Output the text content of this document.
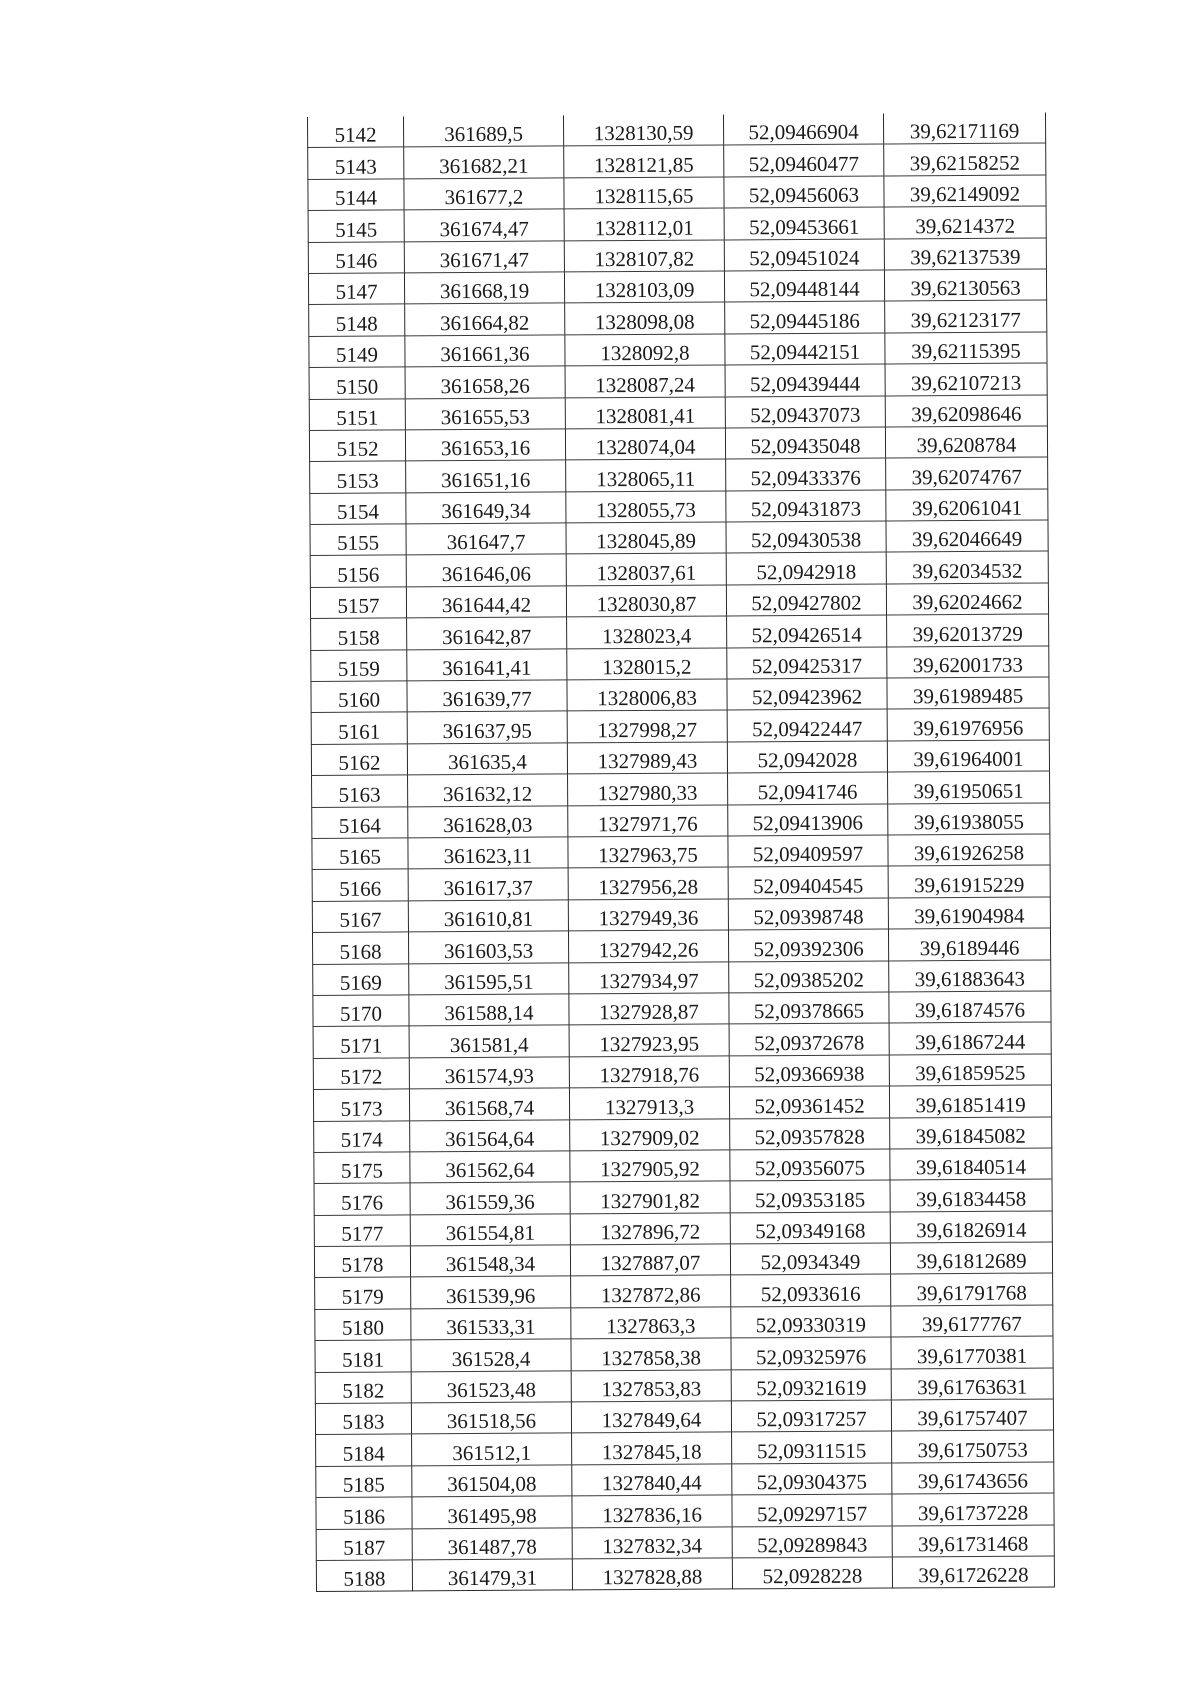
5142	361689,5	1328130,59	52,09466904	39,62171169
5143	361682,21	1328121,85	52,09460477	39,62158252
5144	361677,2	1328115,65	52,09456063	39,62149092
5145	361674,47	1328112,01	52,09453661	39,6214372
5146	361671,47	1328107,82	52,09451024	39,62137539
5147	361668,19	1328103,09	52,09448144	39,62130563
5148	361664,82	1328098,08	52,09445186	39,62123177
5149	361661,36	1328092,8	52,09442151	39,62115395
5150	361658,26	1328087,24	52,09439444	39,62107213
5151	361655,53	1328081,41	52,09437073	39,62098646
5152	361653,16	1328074,04	52,09435048	39,6208784
5153	361651,16	1328065,11	52,09433376	39,62074767
5154	361649,34	1328055,73	52,09431873	39,62061041
5155	361647,7	1328045,89	52,09430538	39,62046649
5156	361646,06	1328037,61	52,0942918	39,62034532
5157	361644,42	1328030,87	52,09427802	39,62024662
5158	361642,87	1328023,4	52,09426514	39,62013729
5159	361641,41	1328015,2	52,09425317	39,62001733
5160	361639,77	1328006,83	52,09423962	39,61989485
5161	361637,95	1327998,27	52,09422447	39,61976956
5162	361635,4	1327989,43	52,0942028	39,61964001
5163	361632,12	1327980,33	52,0941746	39,61950651
5164	361628,03	1327971,76	52,09413906	39,61938055
5165	361623,11	1327963,75	52,09409597	39,61926258
5166	361617,37	1327956,28	52,09404545	39,61915229
5167	361610,81	1327949,36	52,09398748	39,61904984
5168	361603,53	1327942,26	52,09392306	39,6189446
5169	361595,51	1327934,97	52,09385202	39,61883643
5170	361588,14	1327928,87	52,09378665	39,61874576
5171	361581,4	1327923,95	52,09372678	39,61867244
5172	361574,93	1327918,76	52,09366938	39,61859525
5173	361568,74	1327913,3	52,09361452	39,61851419
5174	361564,64	1327909,02	52,09357828	39,61845082
5175	361562,64	1327905,92	52,09356075	39,61840514
5176	361559,36	1327901,82	52,09353185	39,61834458
5177	361554,81	1327896,72	52,09349168	39,61826914
5178	361548,34	1327887,07	52,0934349	39,61812689
5179	361539,96	1327872,86	52,0933616	39,61791768
5180	361533,31	1327863,3	52,09330319	39,6177767
5181	361528,4	1327858,38	52,09325976	39,61770381
5182	361523,48	1327853,83	52,09321619	39,61763631
5183	361518,56	1327849,64	52,09317257	39,61757407
5184	361512,1	1327845,18	52,09311515	39,61750753
5185	361504,08	1327840,44	52,09304375	39,61743656
5186	361495,98	1327836,16	52,09297157	39,61737228
5187	361487,78	1327832,34	52,09289843	39,61731468
5188	361479,31	1327828,88	52,0928228	39,61726228
